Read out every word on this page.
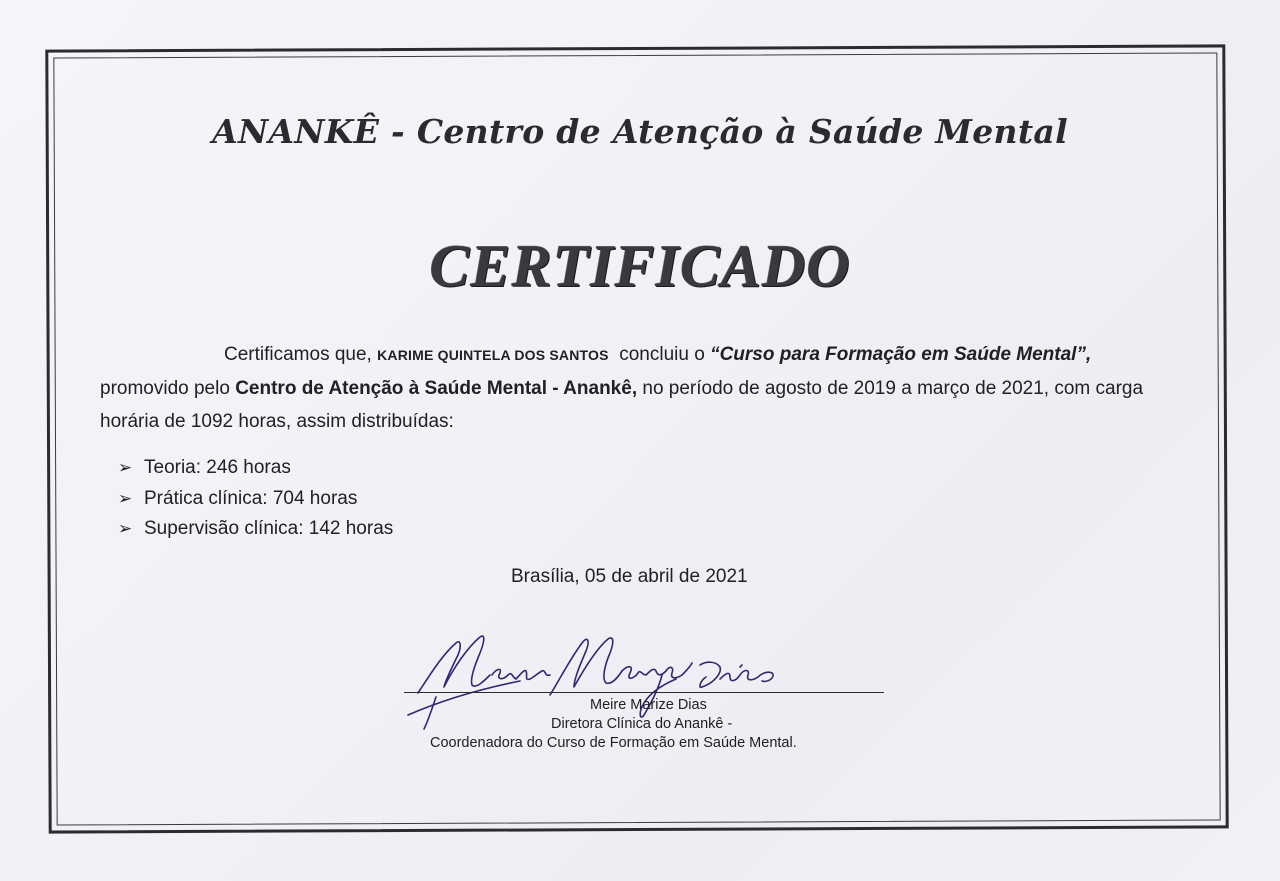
ANANKÊ - Centro de Atenção à Saúde Mental
CERTIFICADO
Certificamos que, KARIME QUINTELA DOS SANTOS concluiu o “Curso para Formação em Saúde Mental”, promovido pelo Centro de Atenção à Saúde Mental - Anankê, no período de agosto de 2019 a março de 2021, com carga horária de 1092 horas, assim distribuídas:
➢ Teoria: 246 horas
➢ Prática clínica: 704 horas
➢ Supervisão clínica: 142 horas
Brasília, 05 de abril de 2021
Meire Marize Dias
Diretora Clínica do Anankê -
Coordenadora do Curso de Formação em Saúde Mental.
